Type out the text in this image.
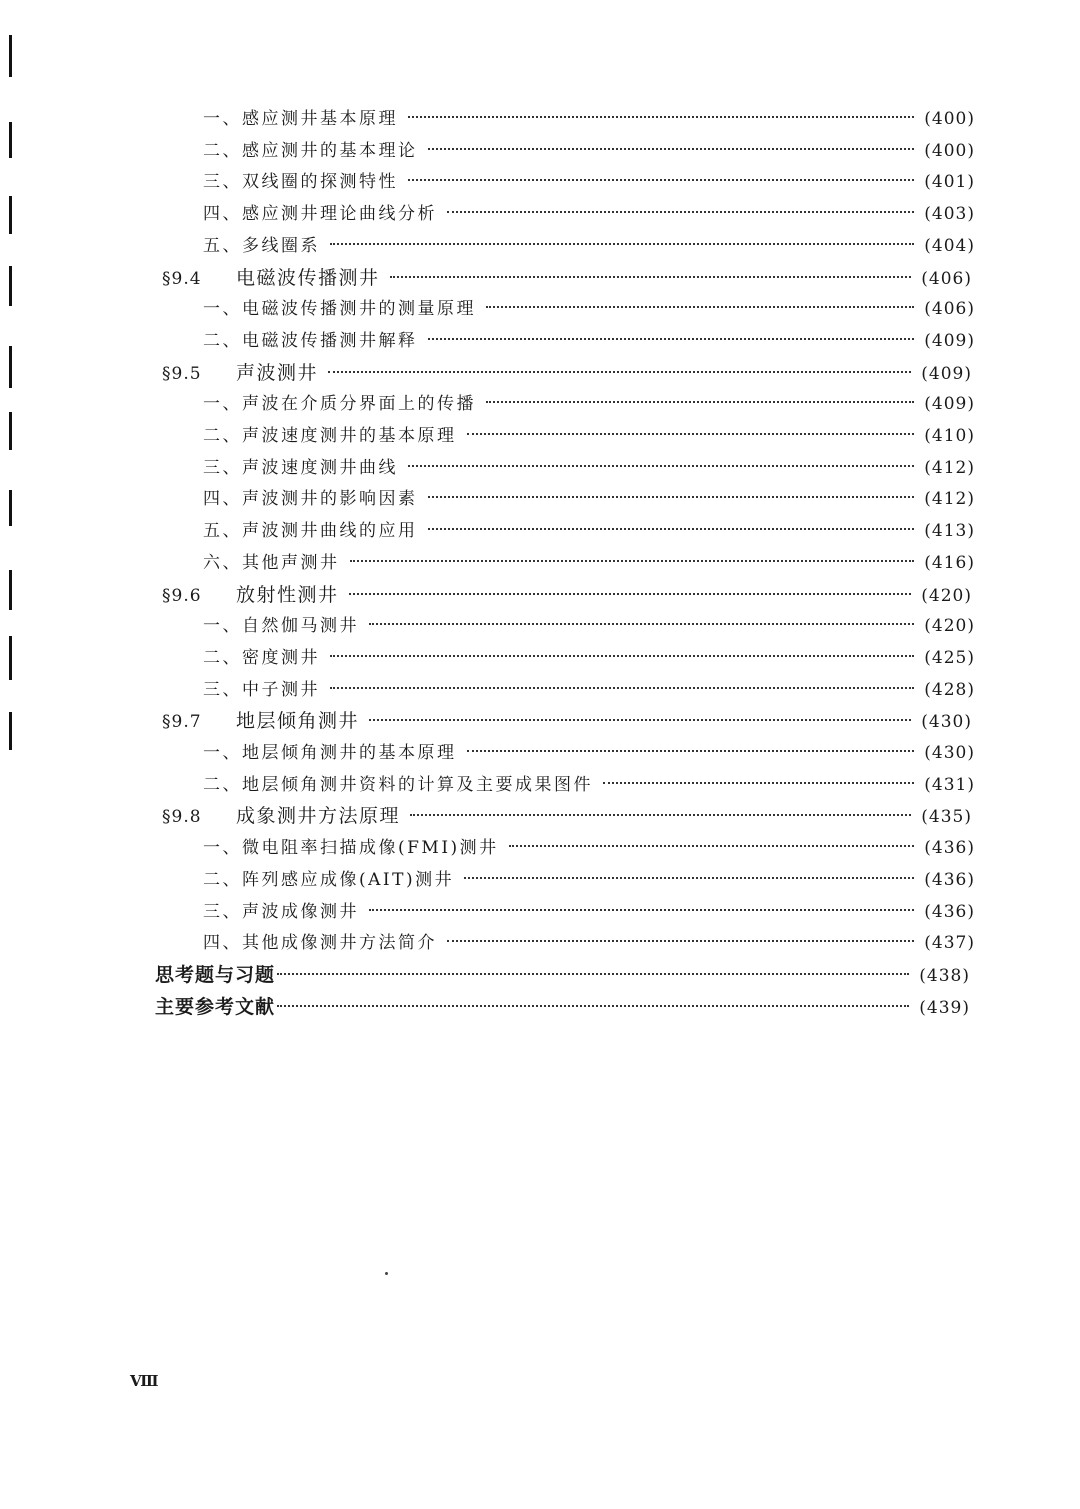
一、感应测井基本原理	(400)
二、感应测井的基本理论	(400)
三、双线圈的探测特性	(401)
四、感应测井理论曲线分析	(403)
五、多线圈系	(404)
§9.4	电磁波传播测井	(406)
一、电磁波传播测井的测量原理	(406)
二、电磁波传播测井解释	(409)
§9.5	声波测井	(409)
一、声波在介质分界面上的传播	(409)
二、声波速度测井的基本原理	(410)
三、声波速度测井曲线	(412)
四、声波测井的影响因素	(412)
五、声波测井曲线的应用	(413)
六、其他声测井	(416)
§9.6	放射性测井	(420)
一、自然伽马测井	(420)
二、密度测井	(425)
三、中子测井	(428)
§9.7	地层倾角测井	(430)
一、地层倾角测井的基本原理	(430)
二、地层倾角测井资料的计算及主要成果图件	(431)
§9.8	成象测井方法原理	(435)
一、微电阻率扫描成像(FMI)测井	(436)
二、阵列感应成像(AIT)测井	(436)
三、声波成像测井	(436)
四、其他成像测井方法简介	(437)
思考题与习题	(438)
主要参考文献	(439)
Ⅷ
